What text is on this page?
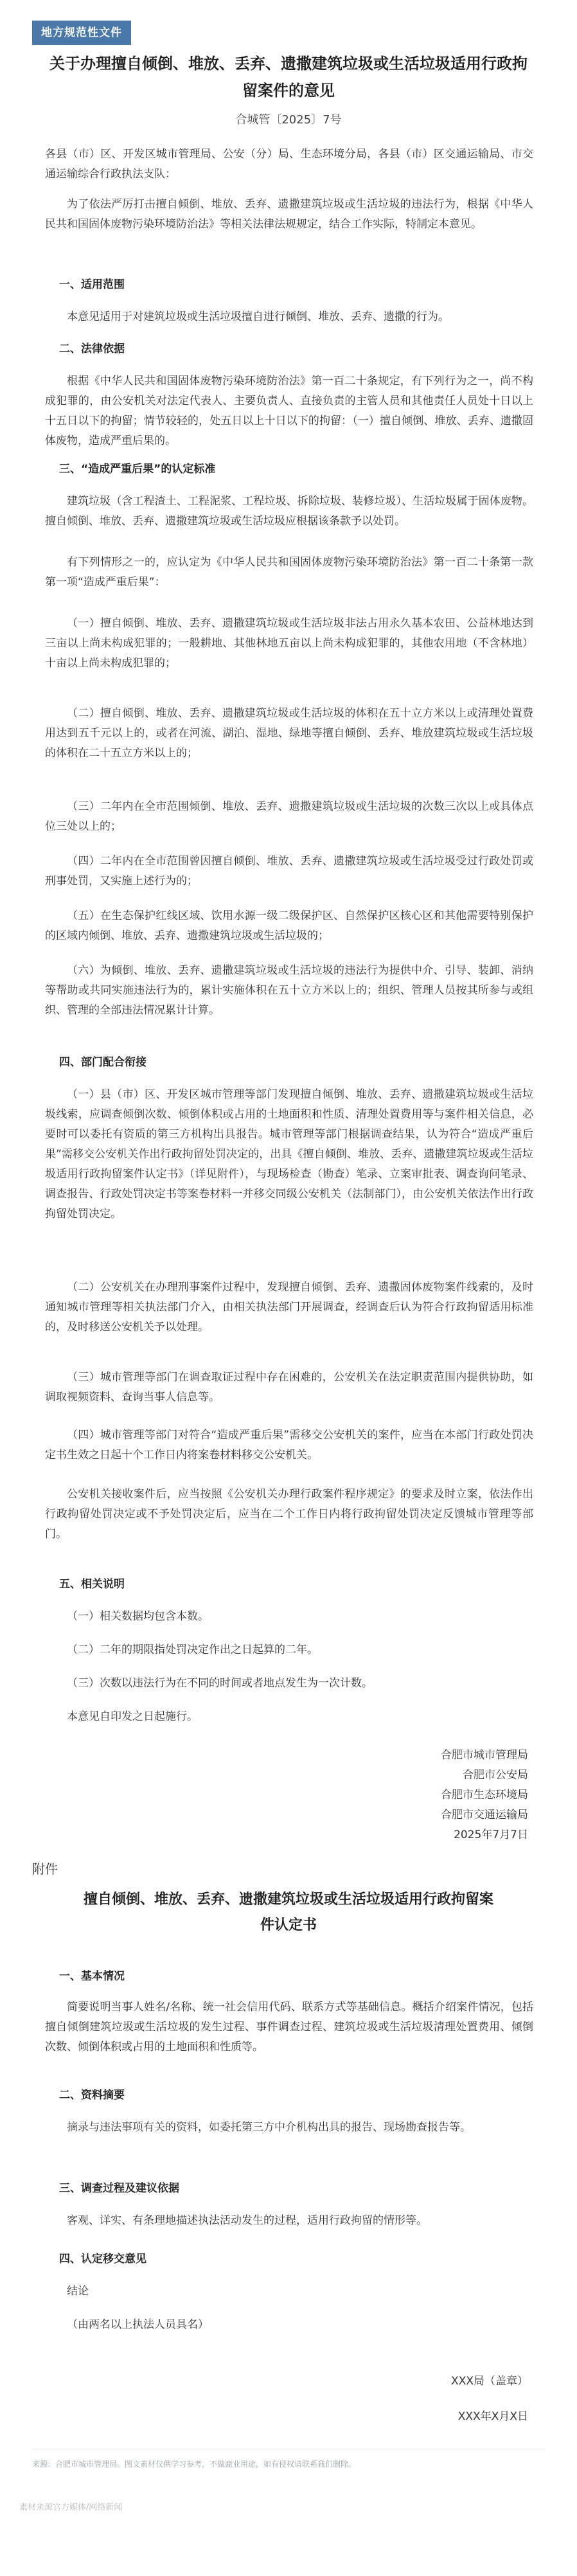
地方规范性文件
关于办理擅自倾倒、堆放、丢弃、遗撒建筑垃圾或生活垃圾适用行政拘留案件的意见
合城管〔2025〕7号
各县（市）区、开发区城市管理局、公安（分）局、生态环境分局，各县（市）区交通运输局、市交通运输综合行政执法支队：
为了依法严厉打击擅自倾倒、堆放、丢弃、遗撒建筑垃圾或生活垃圾的违法行为，根据《中华人民共和国固体废物污染环境防治法》等相关法律法规规定，结合工作实际，特制定本意见。
一、适用范围
本意见适用于对建筑垃圾或生活垃圾擅自进行倾倒、堆放、丢弃、遗撒的行为。
二、法律依据
根据《中华人民共和国固体废物污染环境防治法》第一百二十条规定，有下列行为之一，尚不构成犯罪的，由公安机关对法定代表人、主要负责人、直接负责的主管人员和其他责任人员处十日以上十五日以下的拘留；情节较轻的，处五日以上十日以下的拘留：（一）擅自倾倒、堆放、丢弃、遗撒固体废物，造成严重后果的。
三、“造成严重后果”的认定标准
建筑垃圾（含工程渣土、工程泥浆、工程垃圾、拆除垃圾、装修垃圾）、生活垃圾属于固体废物。擅自倾倒、堆放、丢弃、遗撒建筑垃圾或生活垃圾应根据该条款予以处罚。
有下列情形之一的，应认定为《中华人民共和国固体废物污染环境防治法》第一百二十条第一款第一项“造成严重后果”：
（一）擅自倾倒、堆放、丢弃、遗撒建筑垃圾或生活垃圾非法占用永久基本农田、公益林地达到三亩以上尚未构成犯罪的；一般耕地、其他林地五亩以上尚未构成犯罪的，其他农用地（不含林地）十亩以上尚未构成犯罪的；
（二）擅自倾倒、堆放、丢弃、遗撒建筑垃圾或生活垃圾的体积在五十立方米以上或清理处置费用达到五千元以上的，或者在河流、湖泊、湿地、绿地等擅自倾倒、丢弃、堆放建筑垃圾或生活垃圾的体积在二十五立方米以上的；
（三）二年内在全市范围倾倒、堆放、丢弃、遗撒建筑垃圾或生活垃圾的次数三次以上或具体点位三处以上的；
（四）二年内在全市范围曾因擅自倾倒、堆放、丢弃、遗撒建筑垃圾或生活垃圾受过行政处罚或刑事处罚，又实施上述行为的；
（五）在生态保护红线区域、饮用水源一级二级保护区、自然保护区核心区和其他需要特别保护的区域内倾倒、堆放、丢弃、遗撒建筑垃圾或生活垃圾的；
（六）为倾倒、堆放、丢弃、遗撒建筑垃圾或生活垃圾的违法行为提供中介、引导、装卸、消纳等帮助或共同实施违法行为的，累计实施体积在五十立方米以上的；组织、管理人员按其所参与或组织、管理的全部违法情况累计计算。
四、部门配合衔接
（一）县（市）区、开发区城市管理等部门发现擅自倾倒、堆放、丢弃、遗撒建筑垃圾或生活垃圾线索，应调查倾倒次数、倾倒体积或占用的土地面积和性质、清理处置费用等与案件相关信息，必要时可以委托有资质的第三方机构出具报告。城市管理等部门根据调查结果，认为符合“造成严重后果”需移交公安机关作出行政拘留处罚决定的，出具《擅自倾倒、堆放、丢弃、遗撒建筑垃圾或生活垃圾适用行政拘留案件认定书》（详见附件），与现场检查（勘查）笔录、立案审批表、调查询问笔录、调查报告、行政处罚决定书等案卷材料一并移交同级公安机关（法制部门），由公安机关依法作出行政拘留处罚决定。
（二）公安机关在办理刑事案件过程中，发现擅自倾倒、丢弃、遗撒固体废物案件线索的，及时通知城市管理等相关执法部门介入，由相关执法部门开展调查，经调查后认为符合行政拘留适用标准的，及时移送公安机关予以处理。
（三）城市管理等部门在调查取证过程中存在困难的，公安机关在法定职责范围内提供协助，如调取视频资料、查询当事人信息等。
（四）城市管理等部门对符合“造成严重后果”需移交公安机关的案件，应当在本部门行政处罚决定书生效之日起十个工作日内将案卷材料移交公安机关。
公安机关接收案件后，应当按照《公安机关办理行政案件程序规定》的要求及时立案，依法作出行政拘留处罚决定或不予处罚决定后，应当在二个工作日内将行政拘留处罚决定反馈城市管理等部门。
五、相关说明
（一）相关数据均包含本数。
（二）二年的期限指处罚决定作出之日起算的二年。
（三）次数以违法行为在不同的时间或者地点发生为一次计数。
本意见自印发之日起施行。
合肥市城市管理局
合肥市公安局
合肥市生态环境局
合肥市交通运输局
2025年7月7日
附件
擅自倾倒、堆放、丢弃、遗撒建筑垃圾或生活垃圾适用行政拘留案件认定书
一、基本情况
简要说明当事人姓名/名称、统一社会信用代码、联系方式等基础信息。概括介绍案件情况，包括擅自倾倒建筑垃圾或生活垃圾的发生过程、事件调查过程、建筑垃圾或生活垃圾清理处置费用、倾倒次数、倾倒体积或占用的土地面积和性质等。
二、资料摘要
摘录与违法事项有关的资料，如委托第三方中介机构出具的报告、现场勘查报告等。
三、调查过程及建议依据
客观、详实、有条理地描述执法活动发生的过程，适用行政拘留的情形等。
四、认定移交意见
结论
（由两名以上执法人员具名）
XXX局（盖章）
XXX年X月X日
来源：合肥市城市管理局。图文素材仅供学习参考，不做商业用途，如有侵权请联系我们删除。
素材来源官方媒体/网络新闻
